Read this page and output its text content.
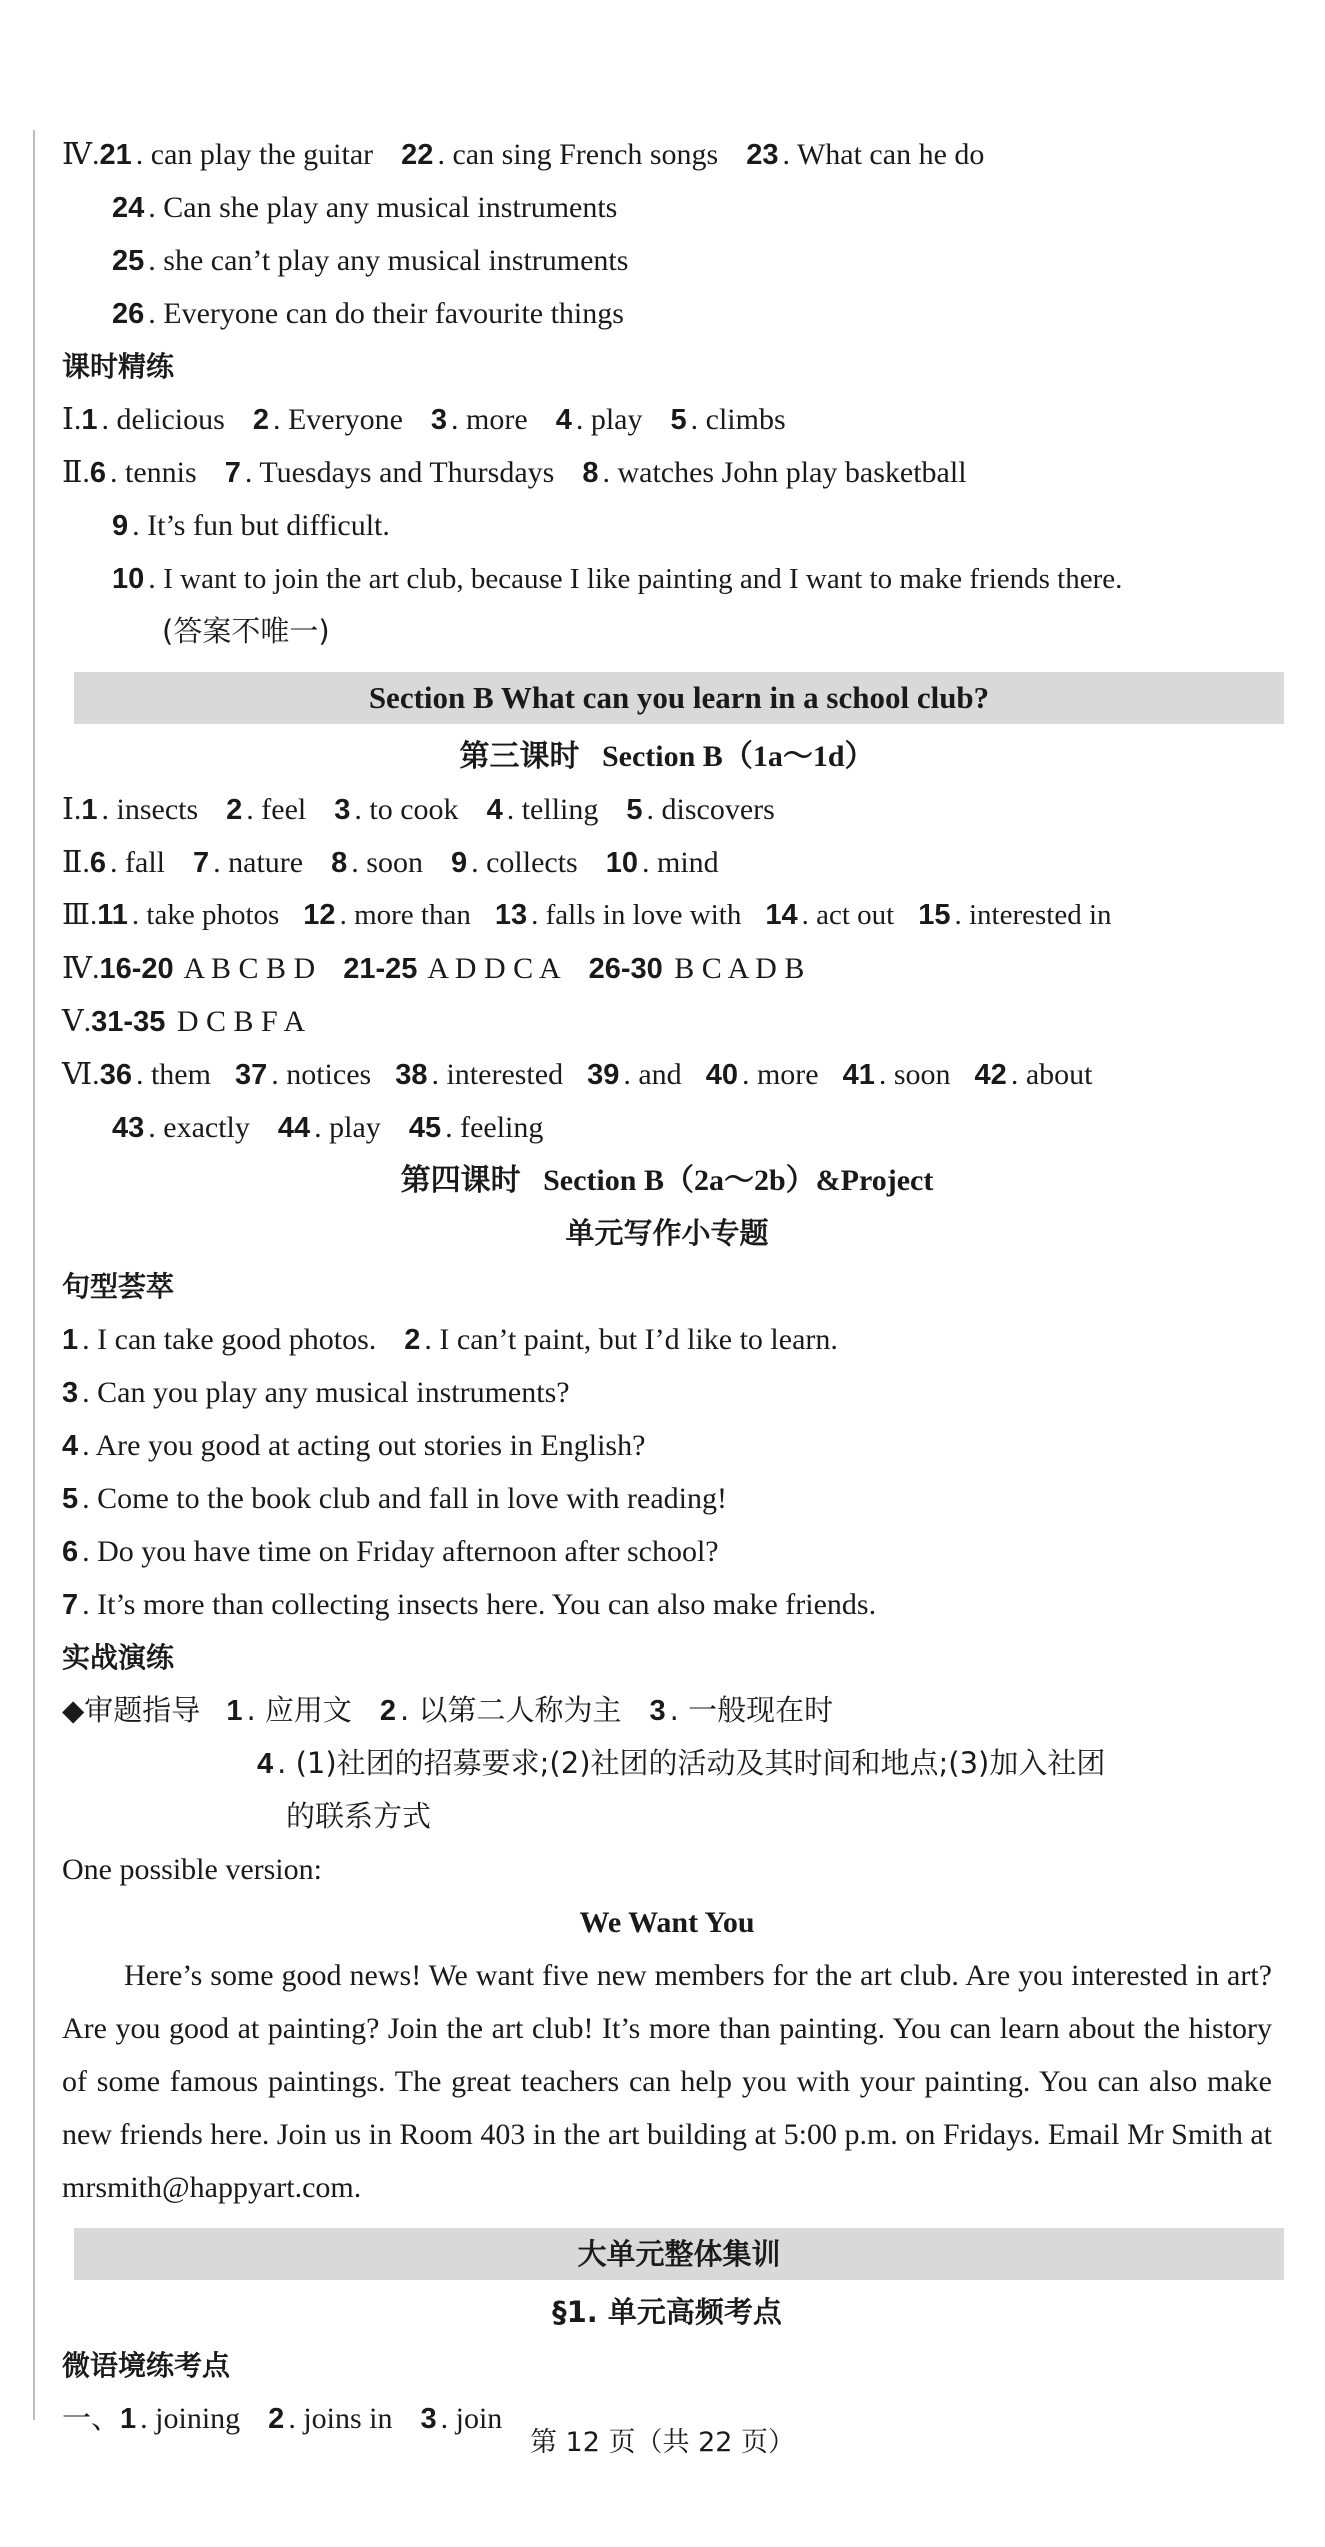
Ⅳ.21 . can play the guitar 22 . can sing French songs 23 . What can he do
24 . Can she play any musical instruments
25 . she can’t play any musical instruments
26 . Everyone can do their favourite things
课时精练
Ⅰ.1 . delicious 2 . Everyone 3 . more 4 . play 5 . climbs
Ⅱ.6 . tennis 7 . Tuesdays and Thursdays 8 . watches John play basketball
9 . It’s fun but difficult.
10 . I want to join the art club, because I like painting and I want to make friends there.
(答案不唯一)
Section B What can you learn in a school club?
第三课时 Section B（1a～1d）
Ⅰ.1 . insects 2 . feel 3 . to cook 4 . telling 5 . discovers
Ⅱ.6 . fall 7 . nature 8 . soon 9 . collects 10 . mind
Ⅲ.11 . take photos 12 . more than 13 . falls in love with 14 . act out 15 . interested in
Ⅳ.16-20 A B C B D 21-25 A D D C A 26-30 B C A D B
Ⅴ.31-35 D C B F A
Ⅵ.36 . them 37 . notices 38 . interested 39 . and 40 . more 41 . soon 42 . about
43 . exactly 44 . play 45 . feeling
第四课时 Section B（2a～2b）&Project
单元写作小专题
句型荟萃
1 . I can take good photos. 2 . I can’t paint, but I’d like to learn.
3 . Can you play any musical instruments?
4 . Are you good at acting out stories in English?
5 . Come to the book club and fall in love with reading!
6 . Do you have time on Friday afternoon after school?
7 . It’s more than collecting insects here. You can also make friends.
实战演练
◆审题指导 1 . 应用文 2 . 以第二人称为主 3 . 一般现在时
4 . (1)社团的招募要求;(2)社团的活动及其时间和地点;(3)加入社团
的联系方式
One possible version:
We Want You

Here’s some good news! We want five new members for the art club. Are you interested in art? Are you good at painting? Join the art club! It’s more than painting. You can learn about the history of some famous paintings. The great teachers can help you with your painting. You can also make new friends here. Join us in Room 403 in the art building at 5:00 p.m. on Fridays. Email Mr Smith at mrsmith@happyart.com.

大单元整体集训
§1. 单元高频考点
微语境练考点
一、1 . joining 2 . joins in 3 . join
第 12 页（共 22 页）
